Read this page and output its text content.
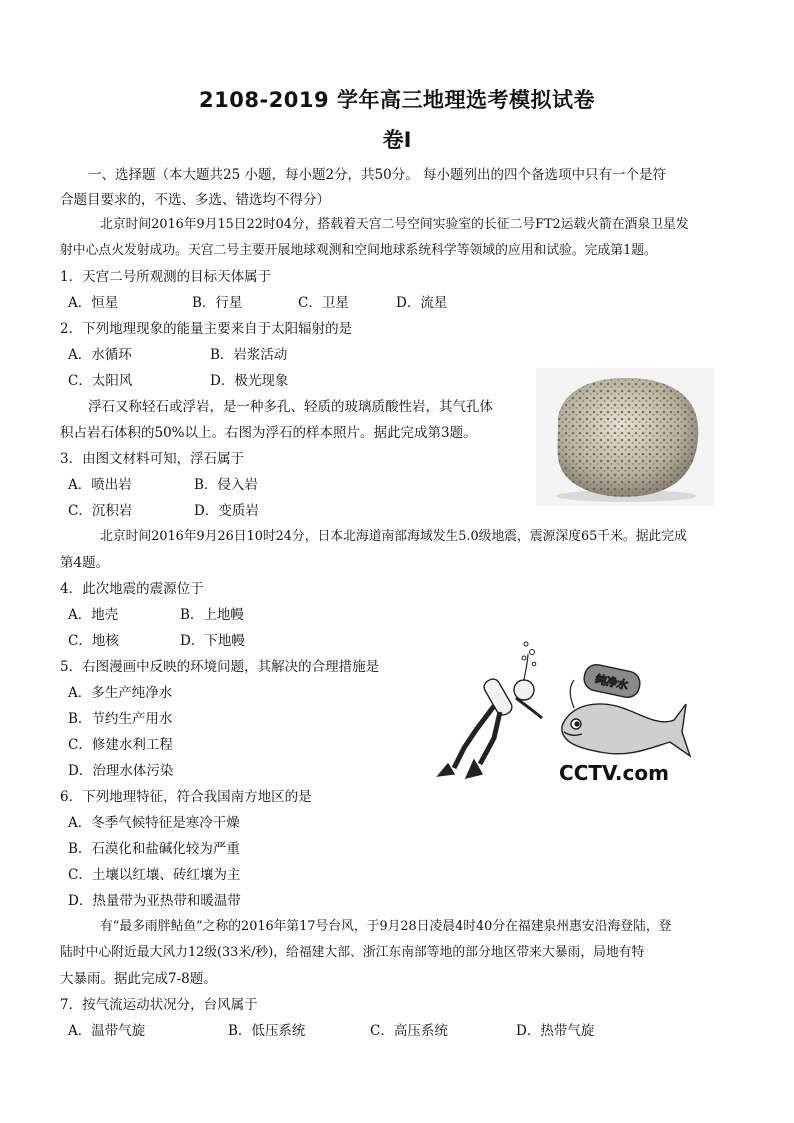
2108-2019 学年高三地理选考模拟试卷
卷Ⅰ
一、选择题（本大题共25 小题，每小题2分，共50分。 每小题列出的四个备选项中只有一个是符
合题目要求的，不选、多选、错选均不得分）
北京时间2016年9月15日22时04分，搭载着天宫二号空间实验室的长征二号FT2运载火箭在酒泉卫星发
射中心点火发射成功。天宫二号主要开展地球观测和空间地球系统科学等领域的应用和试验。完成第1题。
1．天宫二号所观测的目标天体属于
A．恒星	B．行星	C．卫星	D．流星
2．下列地理现象的能量主要来自于太阳辐射的是
A．水循环	B．岩浆活动
C．太阳风	D．极光现象
浮石又称轻石或浮岩，是一种多孔、轻质的玻璃质酸性岩，其气孔体
积占岩石体积的50%以上。右图为浮石的样本照片。据此完成第3题。
3．由图文材料可知，浮石属于
A．喷出岩	B．侵入岩
C．沉积岩	D．变质岩
北京时间2016年9月26日10时24分，日本北海道南部海域发生5.0级地震，震源深度65千米。据此完成
第4题。
4．此次地震的震源位于
A．地壳	B．上地幔
C．地核	D．下地幔
5．右图漫画中反映的环境问题，其解决的合理措施是
A．多生产纯净水
B．节约生产用水
C．修建水利工程
D．治理水体污染
纯净水
CCTV.com
6．下列地理特征，符合我国南方地区的是
A．冬季气候特征是寒冷干燥
B．石漠化和盐碱化较为严重
C．土壤以红壤、砖红壤为主
D．热量带为亚热带和暖温带
有“最多雨胖鲇鱼”之称的2016年第17号台风，于9月28日凌晨4时40分在福建泉州惠安沿海登陆，登
陆时中心附近最大风力12级(33米/秒)，给福建大部、浙江东南部等地的部分地区带来大暴雨，局地有特
大暴雨。据此完成7-8题。
7．按气流运动状况分，台风属于
A．温带气旋	B．低压系统	C．高压系统	D．热带气旋
